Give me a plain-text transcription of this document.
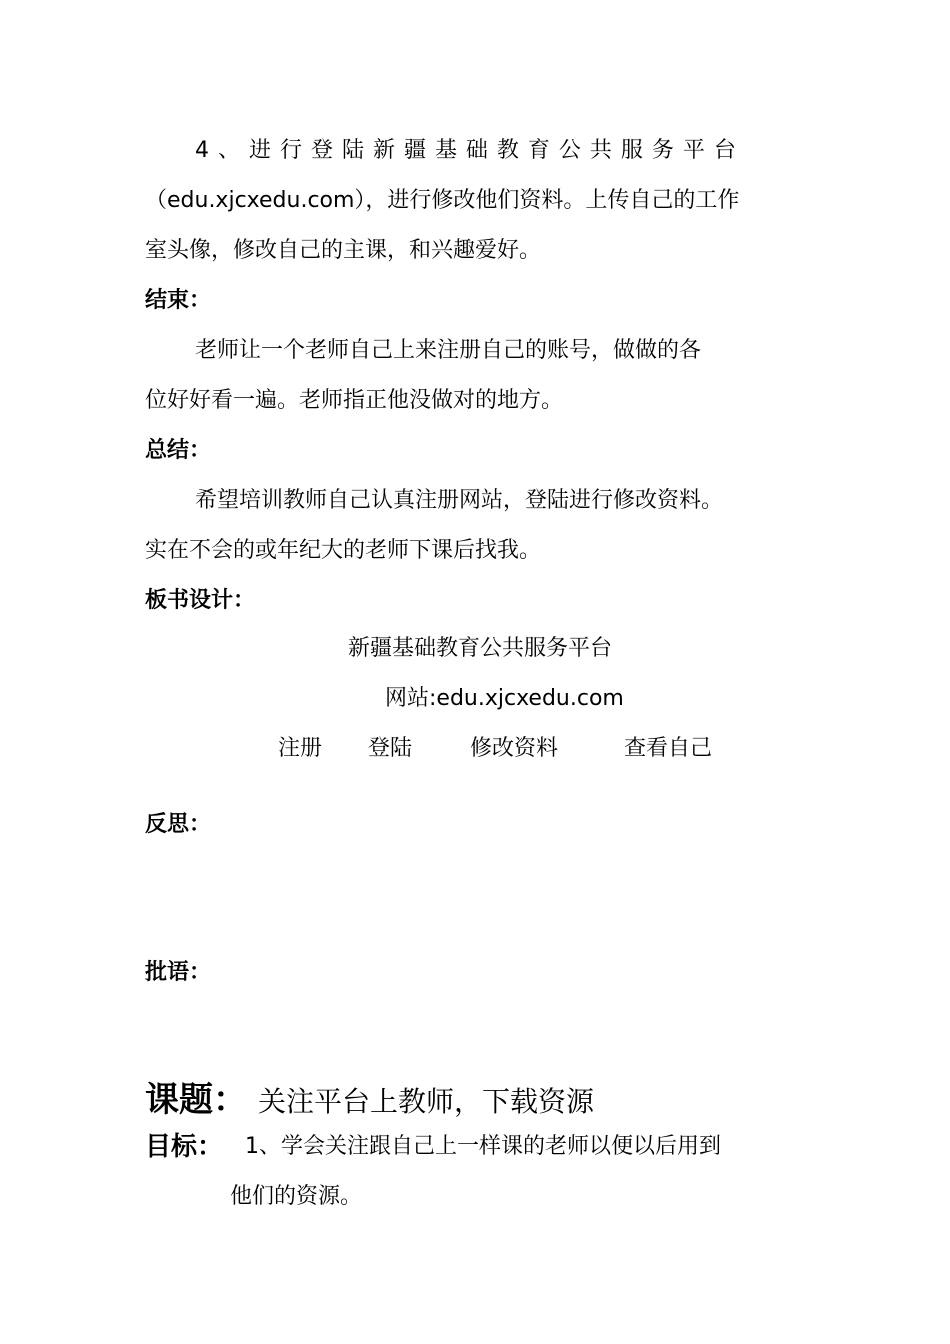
4 、 进 行 登 陆 新 疆 基 础 教 育 公 共 服 务 平 台

（edu.xjcxedu.com），进行修改他们资料。上传自己的工作

室头像，修改自己的主课，和兴趣爱好。

结束：

老师让一个老师自己上来注册自己的账号，做做的各

位好好看一遍。老师指正他没做对的地方。

总结：

希望培训教师自己认真注册网站，登陆进行修改资料。

实在不会的或年纪大的老师下课后找我。

板书设计：

新疆基础教育公共服务平台

网站:edu.xjcxedu.com

注册 登陆	修改资料	查看自己

反思：

批语：

课题： 关注平台上教师，下载资源
目标： 1、学会关注跟自己上一样课的老师以便以后用到

他们的资源。
